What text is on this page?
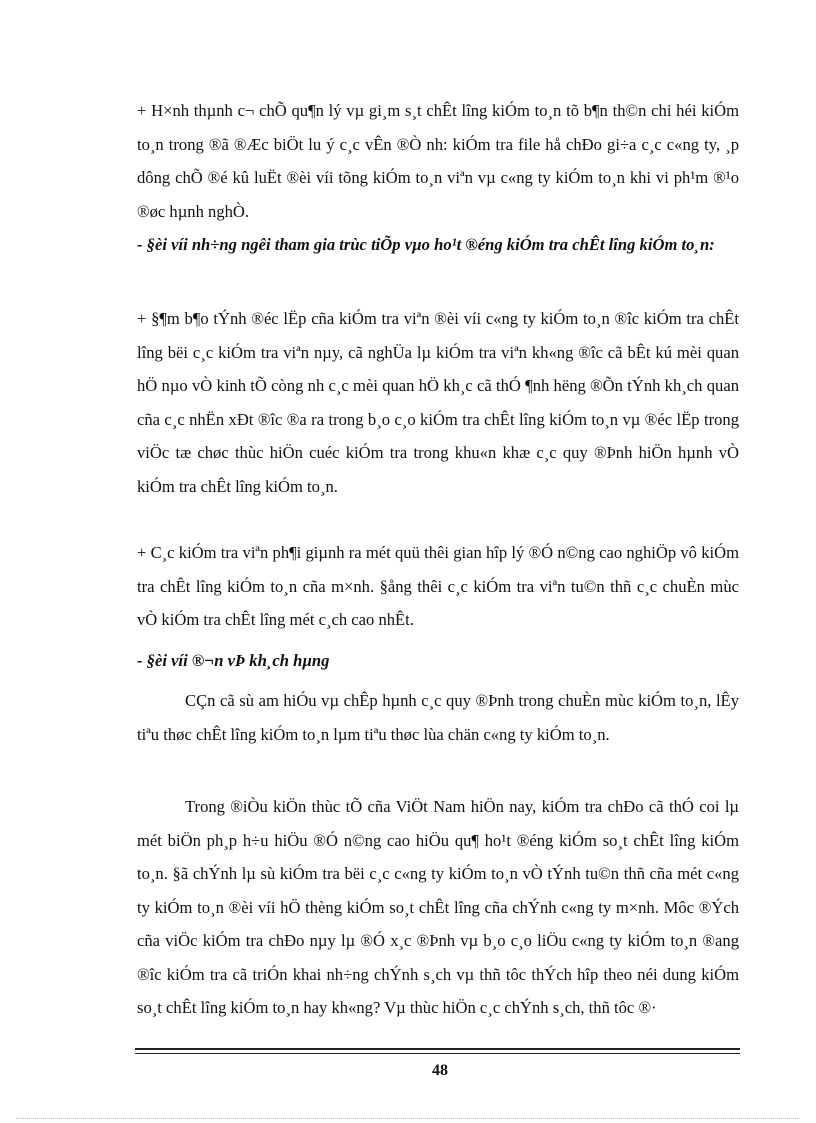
+ H×nh thµnh c¬ chÕ qu¶n lý vµ gi¸m s¸t chÊt lîng kiÓm to¸n tõ b¶n th©n chi héi kiÓm to¸n trong ®ã ®Æc biÖt lu ý c¸c vÊn ®Ò nh: kiÓm tra file hå chÐo gi÷a c¸c c«ng ty, ¸p dông chÕ ®é kû luËt ®èi víi tõng kiÓm to¸n viªn vµ c«ng ty kiÓm to¸n khi vi ph¹m ®¹o ®øc hµnh nghÒ.

- §èi víi nh÷ng ngêi tham gia trùc tiÕp vµo ho¹t ®éng kiÓm tra chÊt lîng kiÓm to¸n:

+ §¶m b¶o tÝnh ®éc lËp cña kiÓm tra viªn ®èi víi c«ng ty kiÓm to¸n ®îc kiÓm tra chÊt lîng bëi c¸c kiÓm tra viªn nµy, cã nghÜa lµ kiÓm tra viªn kh«ng ®îc cã bÊt kú mèi quan hÖ nµo vÒ kinh tÕ còng nh c¸c mèi quan hÖ kh¸c cã thÓ ¶nh hëng ®Õn tÝnh kh¸ch quan cña c¸c nhËn xÐt ®îc ®a ra trong b¸o c¸o kiÓm tra chÊt lîng kiÓm to¸n vµ ®éc lËp trong viÖc tæ chøc thùc hiÖn cuéc kiÓm tra trong khu«n khæ c¸c quy ®Þnh hiÖn hµnh vÒ kiÓm tra chÊt lîng kiÓm to¸n.

+ C¸c kiÓm tra viªn ph¶i giµnh ra mét quü thêi gian hîp lý ®Ó n©ng cao nghiÖp vô kiÓm tra chÊt lîng kiÓm to¸n cña m×nh. §ång thêi c¸c kiÓm tra viªn tu©n thñ c¸c chuÈn mùc vÒ kiÓm tra chÊt lîng mét c¸ch cao nhÊt.

- §èi víi ®¬n vÞ kh¸ch hµng

CÇn cã sù am hiÓu vµ chÊp hµnh c¸c quy ®Þnh trong chuÈn mùc kiÓm to¸n, lÊy tiªu thøc chÊt lîng kiÓm to¸n lµm tiªu thøc lùa chän c«ng ty kiÓm to¸n.

Trong ®iÒu kiÖn thùc tÕ cña ViÖt Nam hiÖn nay, kiÓm tra chÐo cã thÓ coi lµ mét biÖn ph¸p h÷u hiÖu ®Ó n©ng cao hiÖu qu¶ ho¹t ®éng kiÓm so¸t chÊt lîng kiÓm to¸n. §ã chÝnh lµ sù kiÓm tra bëi c¸c c«ng ty kiÓm to¸n vÒ tÝnh tu©n thñ cña mét c«ng ty kiÓm to¸n ®èi víi hÖ thèng kiÓm so¸t chÊt lîng cña chÝnh c«ng ty m×nh. Môc ®Ých cña viÖc kiÓm tra chÐo nµy lµ ®Ó x¸c ®Þnh vµ b¸o c¸o liÖu c«ng ty kiÓm to¸n ®ang ®îc kiÓm tra cã triÓn khai nh÷ng chÝnh s¸ch vµ thñ tôc thÝch hîp theo néi dung kiÓm so¸t chÊt lîng kiÓm to¸n hay kh«ng? Vµ thùc hiÖn c¸c chÝnh s¸ch, thñ tôc ®·

48
